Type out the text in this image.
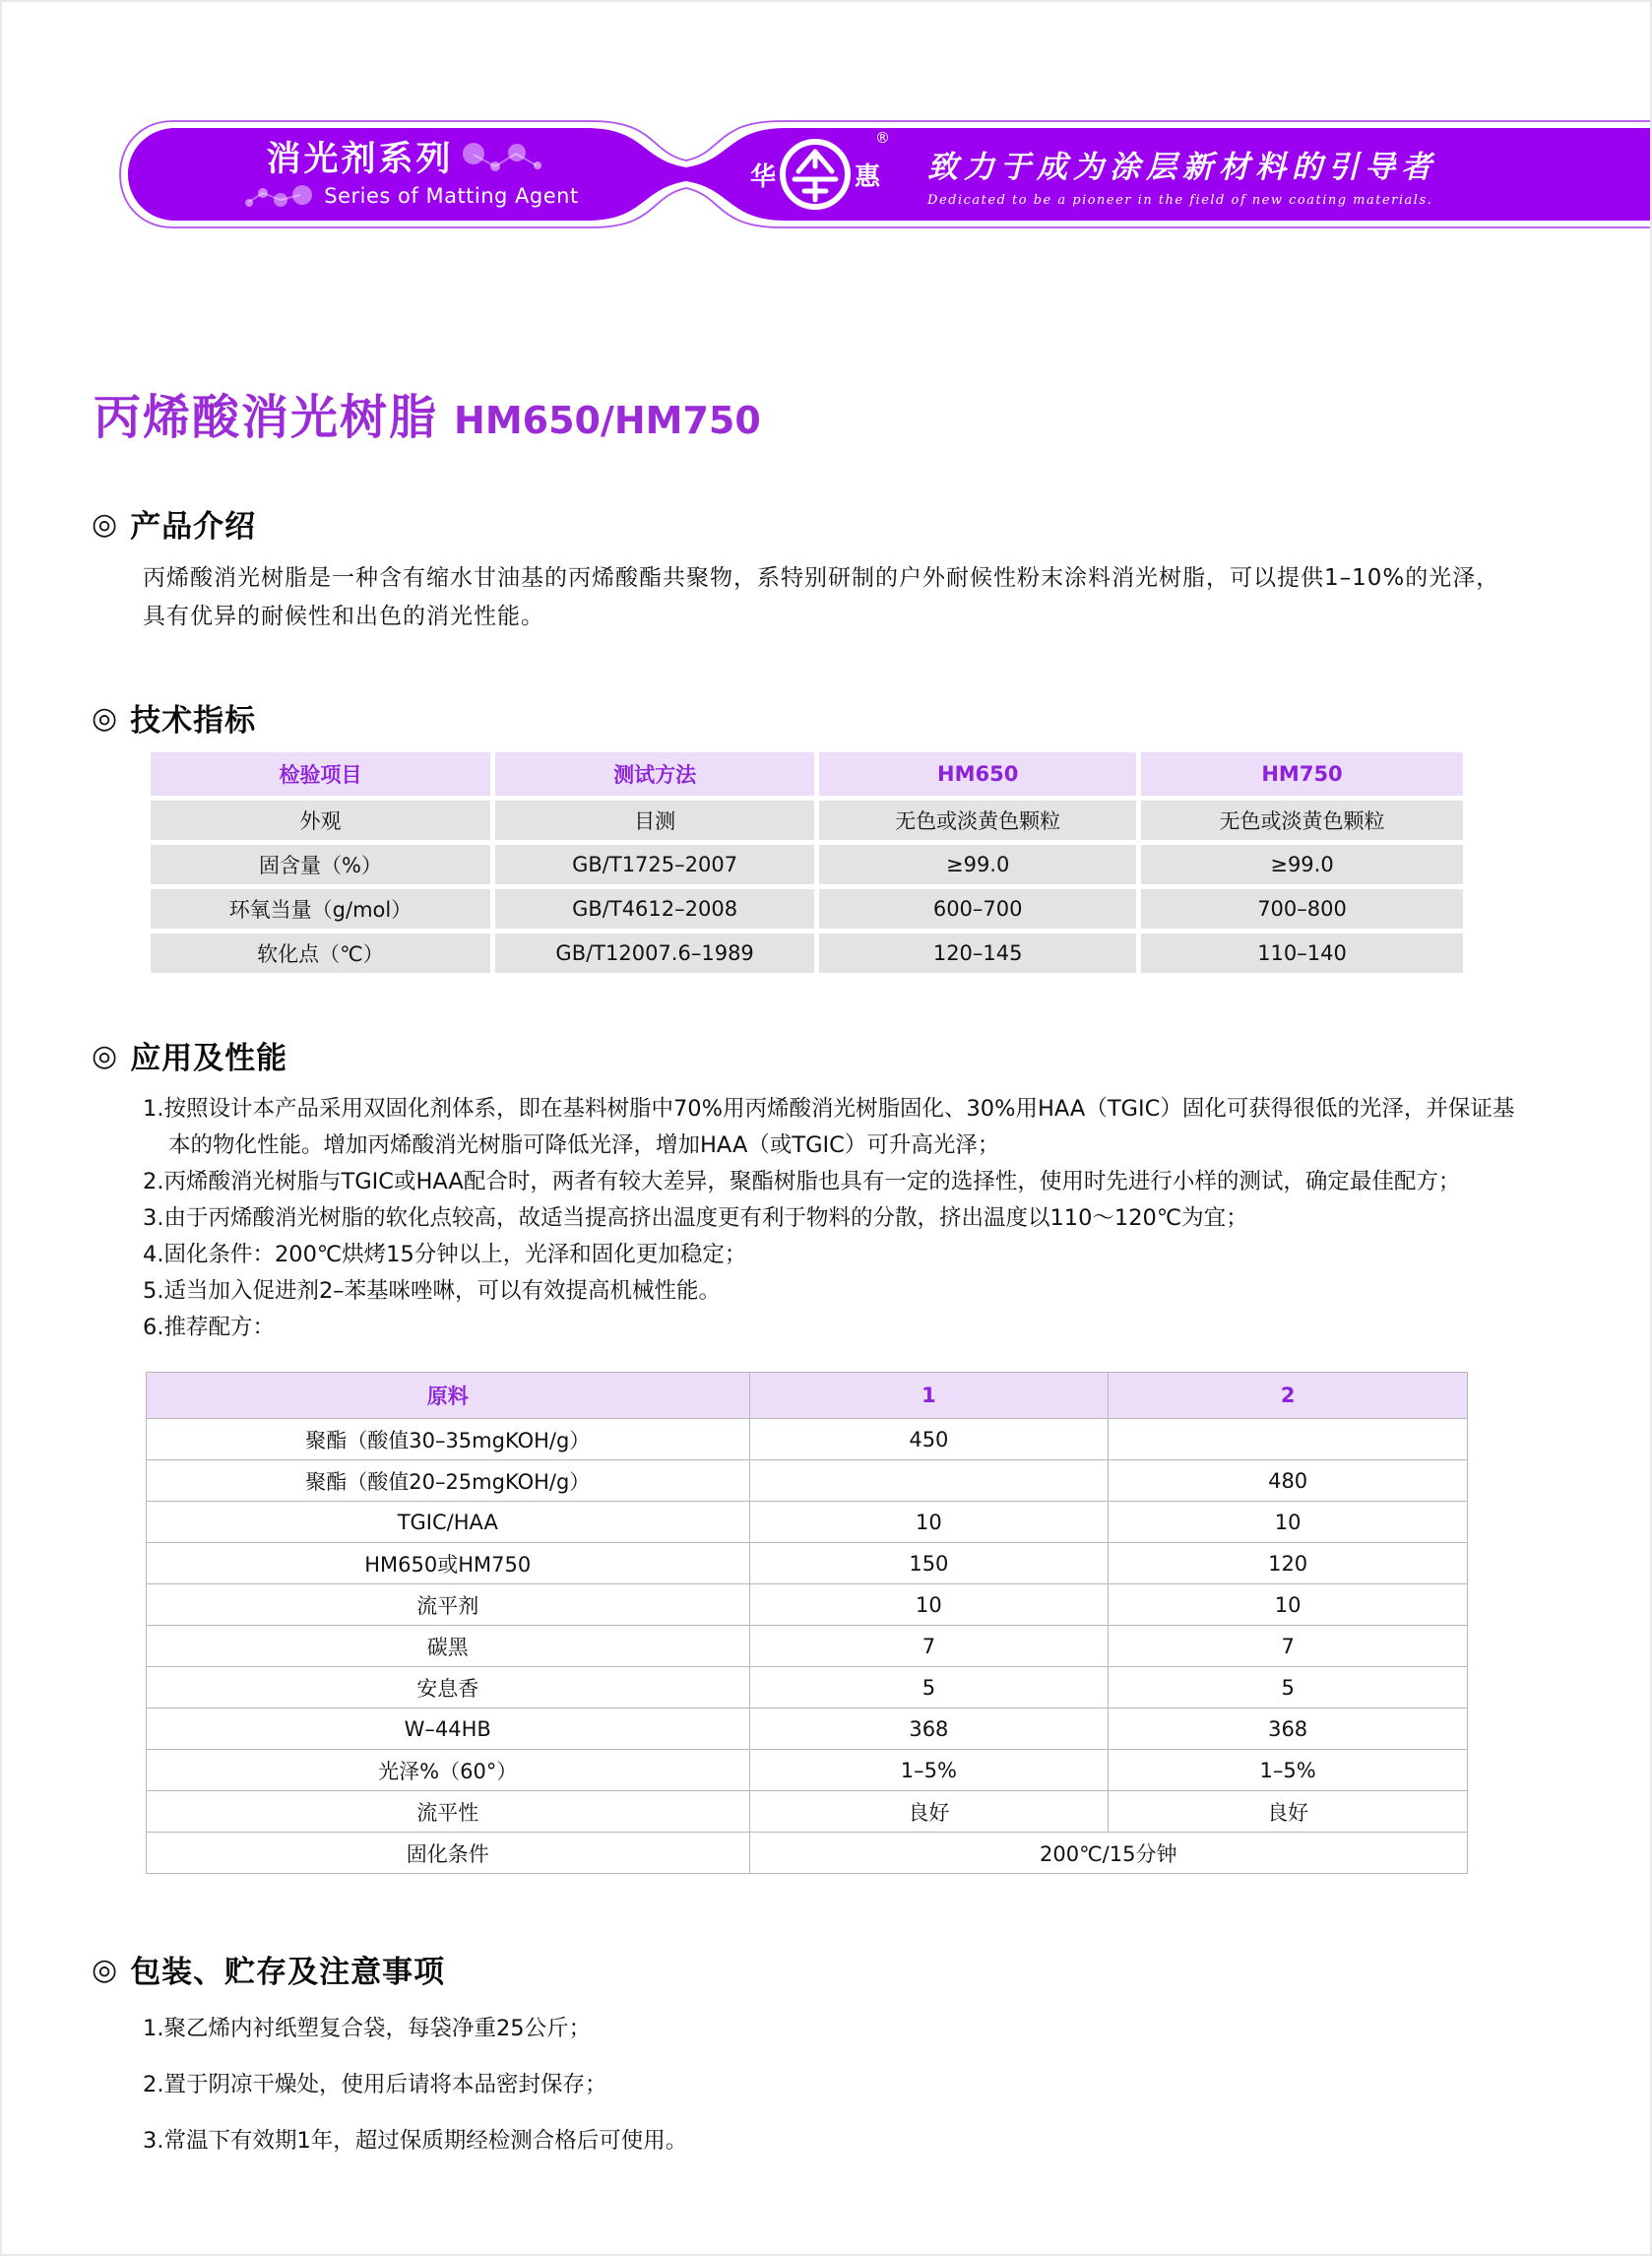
消光剂系列
Series of Matting Agent
华	惠
®
致力于成为涂层新材料的引导者
Dedicated to be a pioneer in the field of new coating materials.
丙烯酸消光树脂 HM650/HM750
◎ 产品介绍

丙烯酸消光树脂是一种含有缩水甘油基的丙烯酸酯共聚物，系特别研制的户外耐候性粉末涂料消光树脂，可以提供1–10%的光泽，具有优异的耐候性和出色的消光性能。

◎ 技术指标
检验项目	测试方法	HM650	HM750
外观	目测	无色或淡黄色颗粒	无色或淡黄色颗粒
固含量（%）	GB/T1725–2007	≥99.0	≥99.0
环氧当量（g/mol）	GB/T4612–2008	600–700	700–800
软化点（℃）	GB/T12007.6–1989	120–145	110–140
◎ 应用及性能
1.按照设计本产品采用双固化剂体系，即在基料树脂中70%用丙烯酸消光树脂固化、30%用HAA（TGIC）固化可获得很低的光泽，并保证基本的物化性能。增加丙烯酸消光树脂可降低光泽，增加HAA（或TGIC）可升高光泽；
2.丙烯酸消光树脂与TGIC或HAA配合时，两者有较大差异，聚酯树脂也具有一定的选择性，使用时先进行小样的测试，确定最佳配方；
3.由于丙烯酸消光树脂的软化点较高，故适当提高挤出温度更有利于物料的分散，挤出温度以110～120℃为宜；
4.固化条件：200℃烘烤15分钟以上，光泽和固化更加稳定；
5.适当加入促进剂2–苯基咪唑啉，可以有效提高机械性能。
6.推荐配方：
原料	1	2
聚酯（酸值30–35mgKOH/g）	450	
聚酯（酸值20–25mgKOH/g）		480
TGIC/HAA	10	10
HM650或HM750	150	120
流平剂	10	10
碳黑	7	7
安息香	5	5
W–44HB	368	368
光泽%（60°）	1–5%	1–5%
流平性	良好	良好
固化条件	200℃/15分钟	
◎ 包装、贮存及注意事项
1.聚乙烯内衬纸塑复合袋，每袋净重25公斤；
2.置于阴凉干燥处，使用后请将本品密封保存；
3.常温下有效期1年，超过保质期经检测合格后可使用。
